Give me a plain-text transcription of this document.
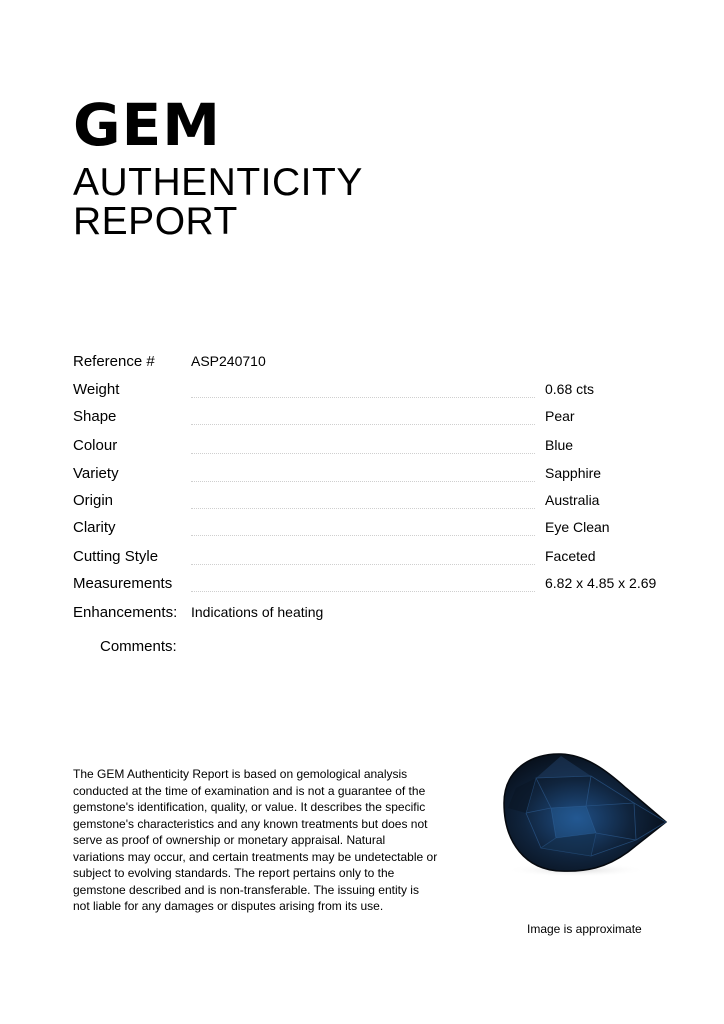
GEM
AUTHENTICITY
REPORT
Reference #	ASP240710
Weight	0.68 cts
Shape	Pear
Colour	Blue
Variety	Sapphire
Origin	Australia
Clarity	Eye Clean
Cutting Style	Faceted
Measurements	6.82 x 4.85 x 2.69
Enhancements: Indications of heating
Comments:
The GEM Authenticity Report is based on gemological analysis conducted at the time of examination and is not a guarantee of the gemstone's identification, quality, or value. It describes the specific gemstone's characteristics and any known treatments but does not serve as proof of ownership or monetary appraisal. Natural variations may occur, and certain treatments may be undetectable or subject to evolving standards. The report pertains only to the gemstone described and is non-transferable. The issuing entity is not liable for any damages or disputes arising from its use.
Image is approximate
